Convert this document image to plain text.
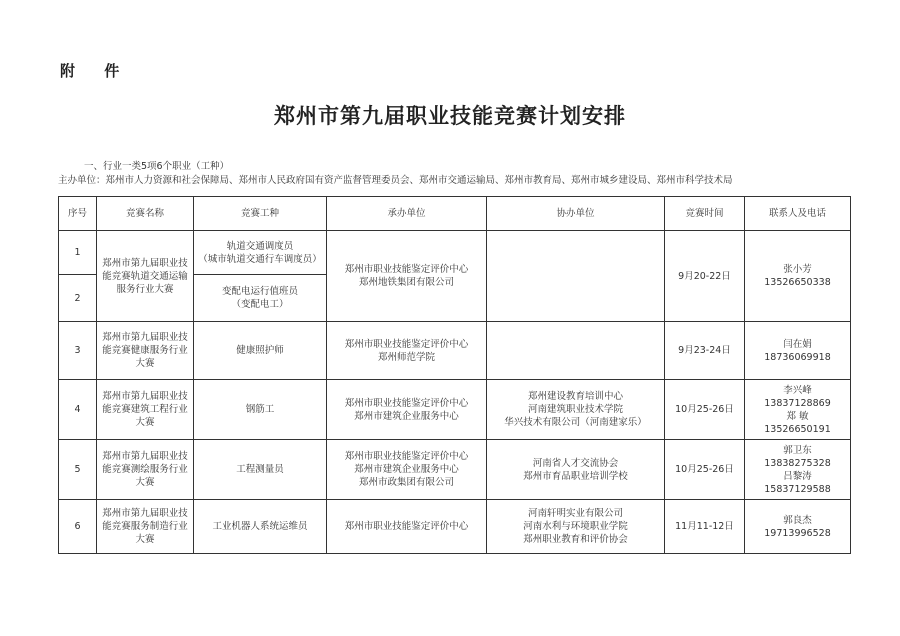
附 件
郑州市第九届职业技能竞赛计划安排
一、行业一类5项6个职业（工种）
主办单位：郑州市人力资源和社会保障局、郑州市人民政府国有资产监督管理委员会、郑州市交通运输局、郑州市教育局、郑州市城乡建设局、郑州市科学技术局
序号	竞赛名称	竞赛工种	承办单位	协办单位	竞赛时间	联系人及电话
1	郑州市第九届职业技能竞赛轨道交通运输服务行业大赛	轨道交通调度员
（城市轨道交通行车调度员）	郑州市职业技能鉴定评价中心
郑州地铁集团有限公司		9月20-22日	张小芳
13526650338
2		变配电运行值班员
（变配电工）				
3	郑州市第九届职业技能竞赛健康服务行业大赛	健康照护师	郑州市职业技能鉴定评价中心
郑州师范学院		9月23-24日	闫在娟
18736069918
4	郑州市第九届职业技能竞赛建筑工程行业大赛	钢筋工	郑州市职业技能鉴定评价中心
郑州市建筑企业服务中心	郑州建设教育培训中心
河南建筑职业技术学院
华兴技术有限公司（河南建家乐）	10月25-26日	李兴峰
13837128869
郑 敏
13526650191
5	郑州市第九届职业技能竞赛测绘服务行业大赛	工程测量员	郑州市职业技能鉴定评价中心
郑州市建筑企业服务中心
郑州市政集团有限公司	河南省人才交流协会
郑州市育品职业培训学校	10月25-26日	郭卫东
13838275328
吕黎涛
15837129588
6	郑州市第九届职业技能竞赛服务制造行业大赛	工业机器人系统运维员	郑州市职业技能鉴定评价中心	河南轩明实业有限公司
河南水利与环境职业学院
郑州职业教育和评价协会	11月11-12日	郭良杰
19713996528
